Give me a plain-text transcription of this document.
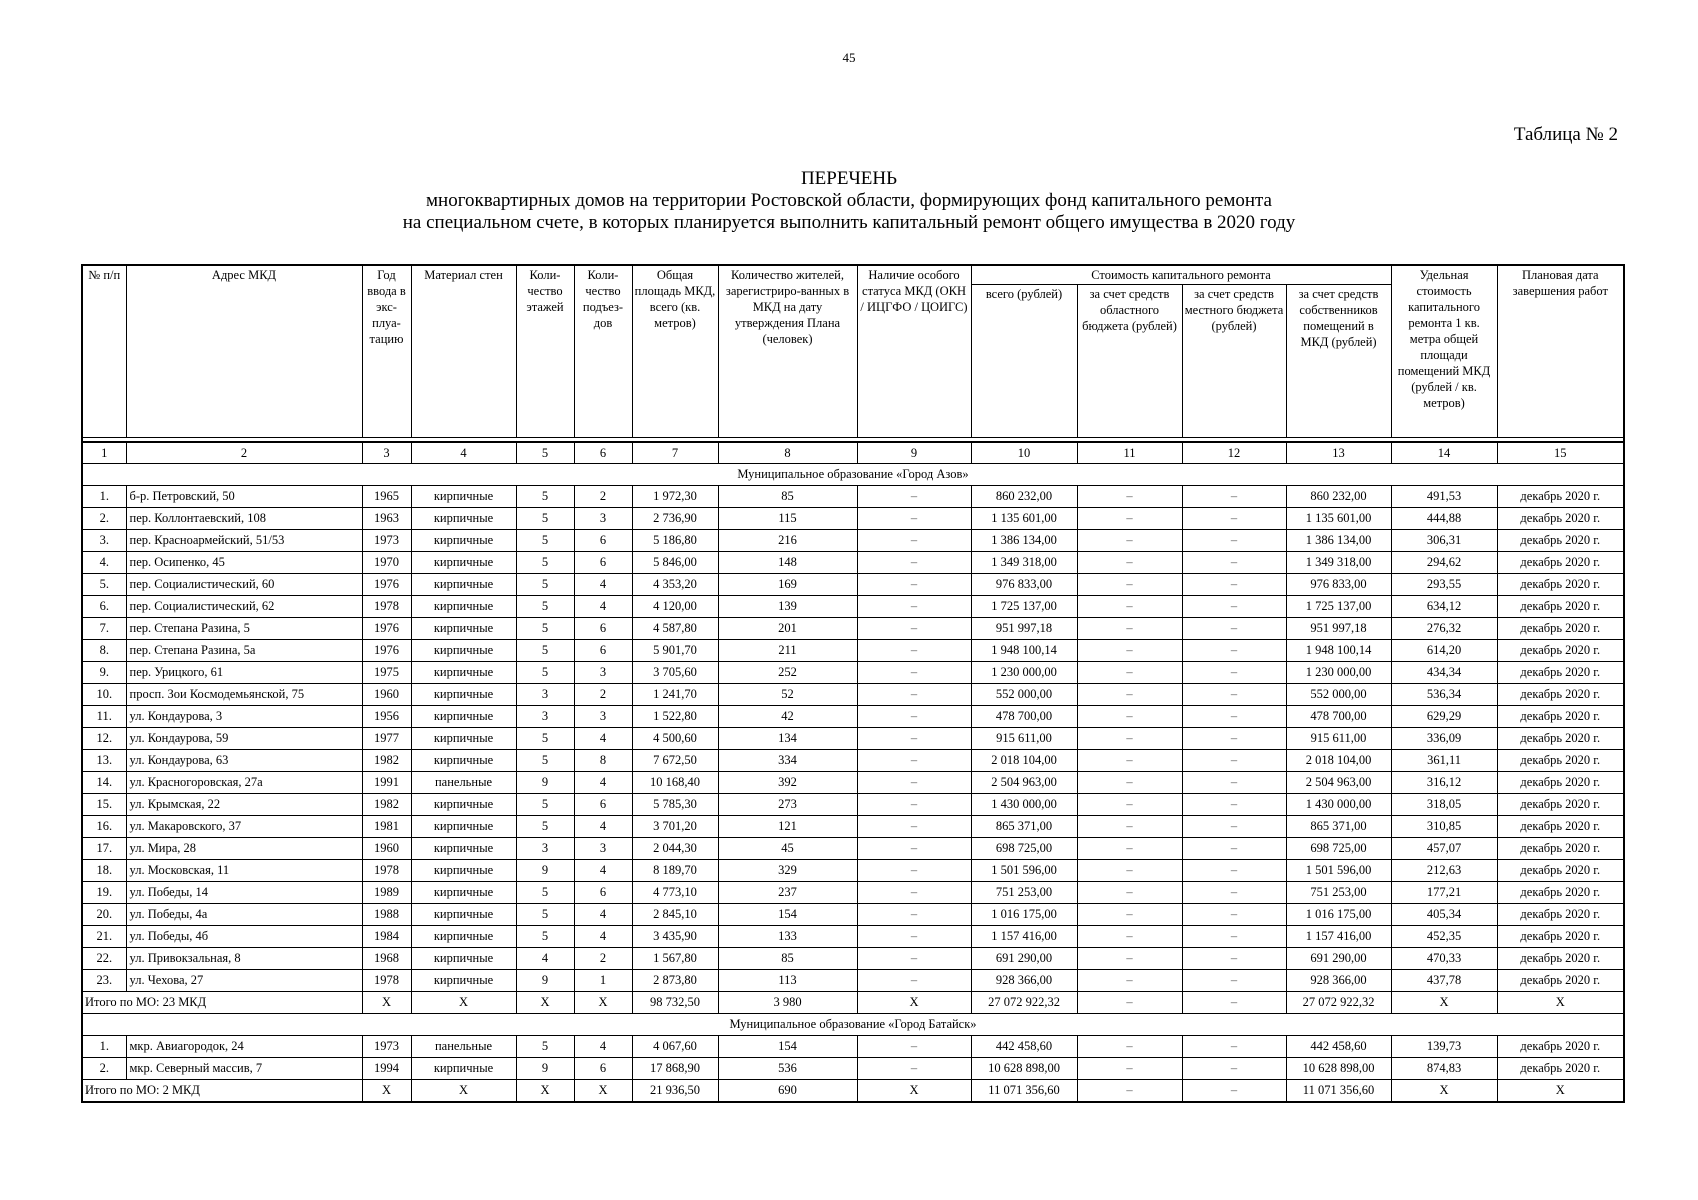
45
Таблица № 2
ПЕРЕЧЕНЬ
многоквартирных домов на территории Ростовской области, формирующих фонд капитального ремонта
на специальном счете, в которых планируется выполнить капитальный ремонт общего имущества в 2020 году
№ п/п	Адрес МКД	Год ввода в экс-плуа-тацию	Материал стен	Коли-чество этажей	Коли-чество подъез-дов	Общая площадь МКД, всего (кв. метров)	Количество жителей, зарегистриро-ванных в МКД на дату утверждения Плана (человек)	Наличие особого статуса МКД (ОКН / ИЦГФО / ЦОИГС)	Стоимость капитального ремонта				Удельная стоимость капитального ремонта 1 кв. метра общей площади помещений МКД (рублей / кв. метров)	Плановая дата завершения работ
									всего (рублей)	за счет средств областного бюджета (рублей)	за счет средств местного бюджета (рублей)	за счет средств собственников помещений в МКД (рублей)		

1	2	3	4	5	6	7	8	9	10	11	12	13	14	15
Муниципальное образование «Город Азов»														
1.	б-р. Петровский, 50	1965	кирпичные	5	2	1 972,30	85	–	860 232,00	–	–	860 232,00	491,53	декабрь 2020 г.
2.	пер. Коллонтаевский, 108	1963	кирпичные	5	3	2 736,90	115	–	1 135 601,00	–	–	1 135 601,00	444,88	декабрь 2020 г.
3.	пер. Красноармейский, 51/53	1973	кирпичные	5	6	5 186,80	216	–	1 386 134,00	–	–	1 386 134,00	306,31	декабрь 2020 г.
4.	пер. Осипенко, 45	1970	кирпичные	5	6	5 846,00	148	–	1 349 318,00	–	–	1 349 318,00	294,62	декабрь 2020 г.
5.	пер. Социалистический, 60	1976	кирпичные	5	4	4 353,20	169	–	976 833,00	–	–	976 833,00	293,55	декабрь 2020 г.
6.	пер. Социалистический, 62	1978	кирпичные	5	4	4 120,00	139	–	1 725 137,00	–	–	1 725 137,00	634,12	декабрь 2020 г.
7.	пер. Степана Разина, 5	1976	кирпичные	5	6	4 587,80	201	–	951 997,18	–	–	951 997,18	276,32	декабрь 2020 г.
8.	пер. Степана Разина, 5а	1976	кирпичные	5	6	5 901,70	211	–	1 948 100,14	–	–	1 948 100,14	614,20	декабрь 2020 г.
9.	пер. Урицкого, 61	1975	кирпичные	5	3	3 705,60	252	–	1 230 000,00	–	–	1 230 000,00	434,34	декабрь 2020 г.
10.	просп. Зои Космодемьянской, 75	1960	кирпичные	3	2	1 241,70	52	–	552 000,00	–	–	552 000,00	536,34	декабрь 2020 г.
11.	ул. Кондаурова, 3	1956	кирпичные	3	3	1 522,80	42	–	478 700,00	–	–	478 700,00	629,29	декабрь 2020 г.
12.	ул. Кондаурова, 59	1977	кирпичные	5	4	4 500,60	134	–	915 611,00	–	–	915 611,00	336,09	декабрь 2020 г.
13.	ул. Кондаурова, 63	1982	кирпичные	5	8	7 672,50	334	–	2 018 104,00	–	–	2 018 104,00	361,11	декабрь 2020 г.
14.	ул. Красногоровская, 27а	1991	панельные	9	4	10 168,40	392	–	2 504 963,00	–	–	2 504 963,00	316,12	декабрь 2020 г.
15.	ул. Крымская, 22	1982	кирпичные	5	6	5 785,30	273	–	1 430 000,00	–	–	1 430 000,00	318,05	декабрь 2020 г.
16.	ул. Макаровского, 37	1981	кирпичные	5	4	3 701,20	121	–	865 371,00	–	–	865 371,00	310,85	декабрь 2020 г.
17.	ул. Мира, 28	1960	кирпичные	3	3	2 044,30	45	–	698 725,00	–	–	698 725,00	457,07	декабрь 2020 г.
18.	ул. Московская, 11	1978	кирпичные	9	4	8 189,70	329	–	1 501 596,00	–	–	1 501 596,00	212,63	декабрь 2020 г.
19.	ул. Победы, 14	1989	кирпичные	5	6	4 773,10	237	–	751 253,00	–	–	751 253,00	177,21	декабрь 2020 г.
20.	ул. Победы, 4а	1988	кирпичные	5	4	2 845,10	154	–	1 016 175,00	–	–	1 016 175,00	405,34	декабрь 2020 г.
21.	ул. Победы, 4б	1984	кирпичные	5	4	3 435,90	133	–	1 157 416,00	–	–	1 157 416,00	452,35	декабрь 2020 г.
22.	ул. Привокзальная, 8	1968	кирпичные	4	2	1 567,80	85	–	691 290,00	–	–	691 290,00	470,33	декабрь 2020 г.
23.	ул. Чехова, 27	1978	кирпичные	9	1	2 873,80	113	–	928 366,00	–	–	928 366,00	437,78	декабрь 2020 г.
Итого по МО: 23 МКД		X	X	X	X	98 732,50	3 980	X	27 072 922,32	–	–	27 072 922,32	X	X
Муниципальное образование «Город Батайск»														
1.	мкр. Авиагородок, 24	1973	панельные	5	4	4 067,60	154	–	442 458,60	–	–	442 458,60	139,73	декабрь 2020 г.
2.	мкр. Северный массив, 7	1994	кирпичные	9	6	17 868,90	536	–	10 628 898,00	–	–	10 628 898,00	874,83	декабрь 2020 г.
Итого по МО: 2 МКД		X	X	X	X	21 936,50	690	X	11 071 356,60	–	–	11 071 356,60	X	X
